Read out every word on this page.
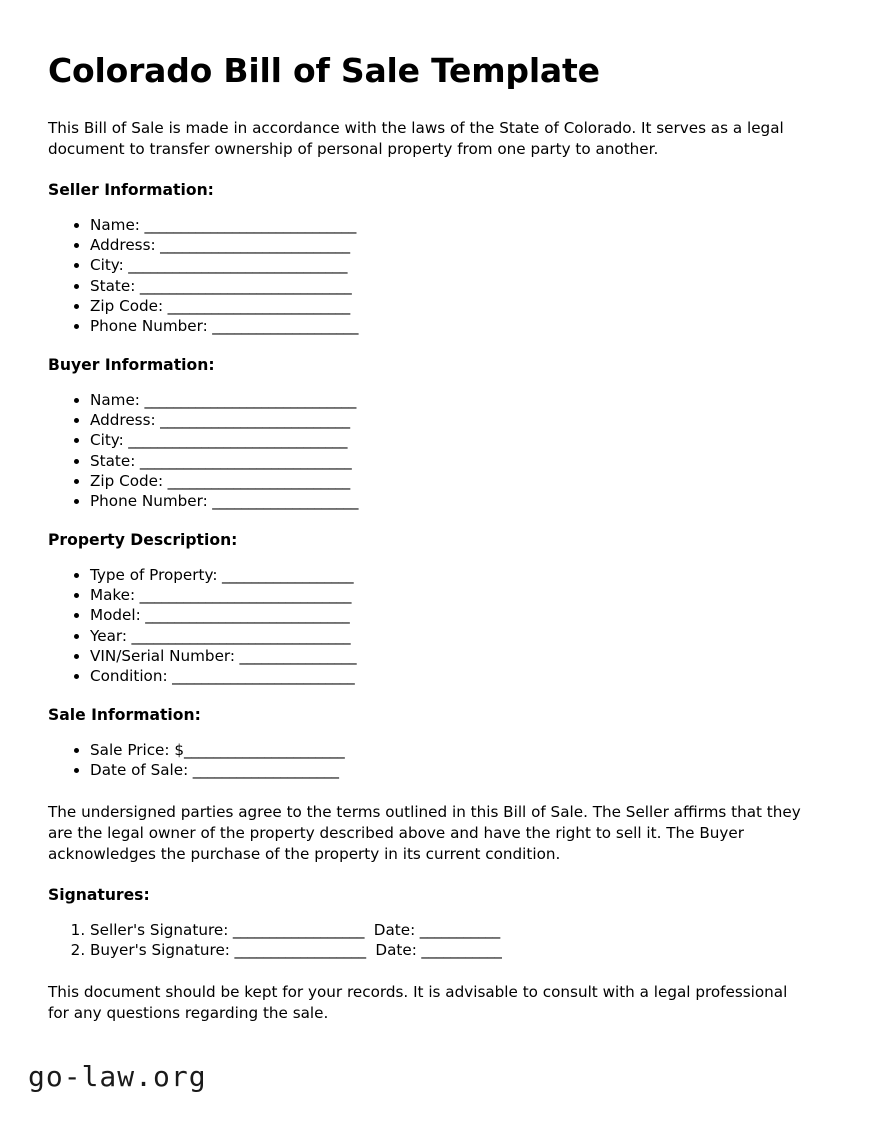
Colorado Bill of Sale Template

This Bill of Sale is made in accordance with the laws of the State of Colorado. It serves as a legal document to transfer ownership of personal property from one party to another.

Seller Information:
• Name: _____________________________
• Address: __________________________
• City: ______________________________
• State: _____________________________
• Zip Code: _________________________
• Phone Number: ____________________
Buyer Information:
• Name: _____________________________
• Address: __________________________
• City: ______________________________
• State: _____________________________
• Zip Code: _________________________
• Phone Number: ____________________
Property Description:
• Type of Property: __________________
• Make: _____________________________
• Model: ____________________________
• Year: ______________________________
• VIN/Serial Number: ________________
• Condition: _________________________
Sale Information:
• Sale Price: $______________________
• Date of Sale: ____________________

The undersigned parties agree to the terms outlined in this Bill of Sale. The Seller affirms that they are the legal owner of the property described above and have the right to sell it. The Buyer acknowledges the purchase of the property in its current condition.

Signatures:
1. Seller's Signature: __________________ Date: ___________
2. Buyer's Signature: __________________ Date: ___________

This document should be kept for your records. It is advisable to consult with a legal professional for any questions regarding the sale.

go-law.org
